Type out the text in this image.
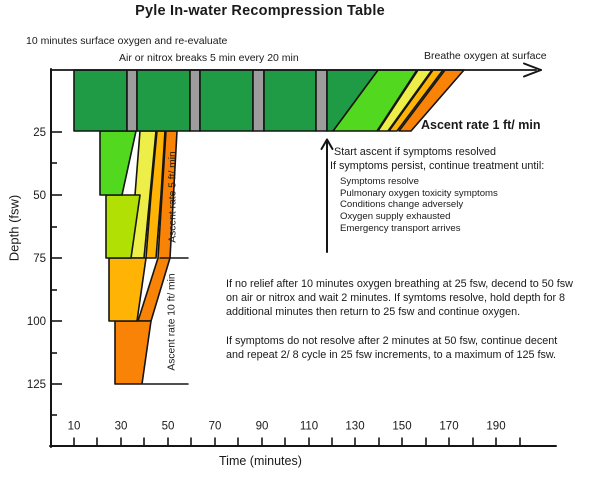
25
50
75
100
125
10	30	50	70	90	110 130 150 170 190
Pyle In-water Recompression Table
10 minutes surface oxygen and re-evaluate
Air or nitrox breaks 5 min every 20 min	Breathe oxygen at surface
Ascent rate 1 ft/ min
Start ascent if symptoms resolved
If symptoms persist, continue treatment until:
Symptoms resolve
Pulmonary oxygen toxicity symptoms
Conditions change adversely
Oxygen supply exhausted
Emergency transport arrives
If no relief after 10 minutes oxygen breathing at 25 fsw, decend to 50 fsw on air or nitrox and wait 2 minutes. If symtoms resolve, hold depth for 8 additional minutes then return to 25 fsw and continue oxygen.
If symptoms do not resolve after 2 minutes at 50 fsw, continue decent and repeat 2/ 8 cycle in 25 fsw increments, to a maximum of 125 fsw.
Time (minutes)
Depth (fsw)	Ascent rate 5 ft/ min
Ascent rate 10 ft/ min
